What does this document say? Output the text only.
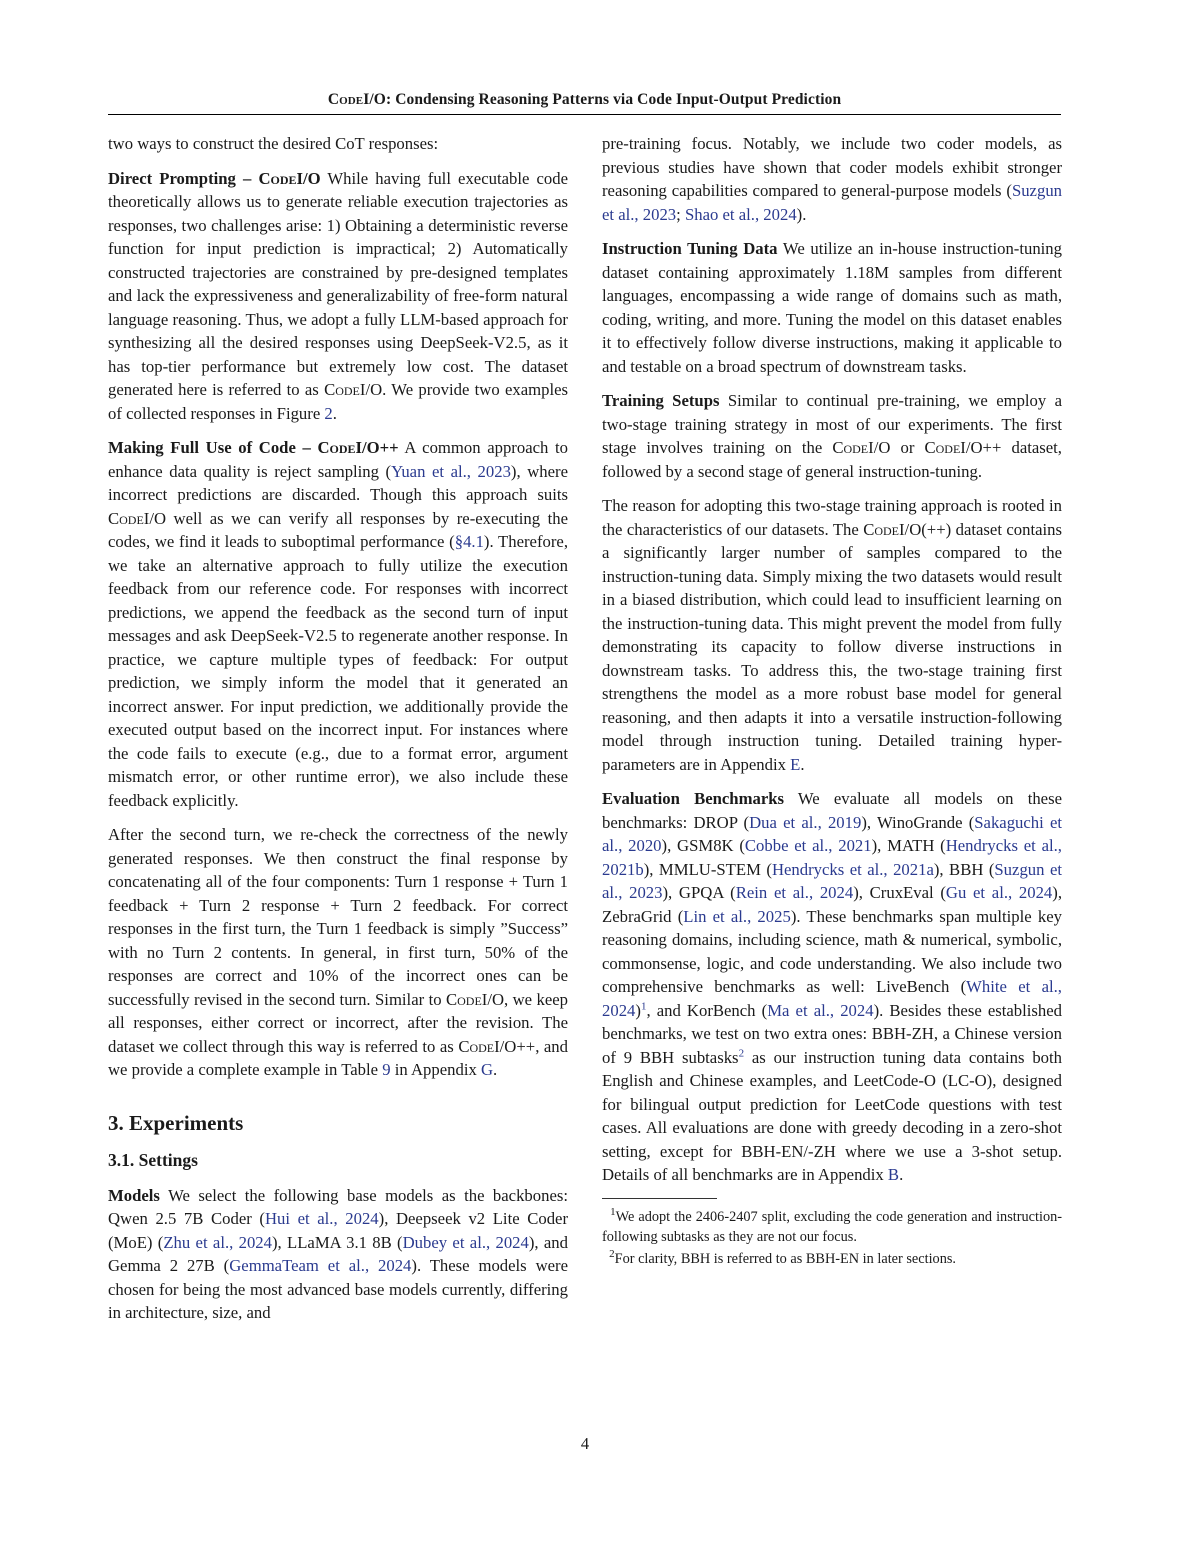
CodeI/O: Condensing Reasoning Patterns via Code Input-Output Prediction

two ways to construct the desired CoT responses:

Direct Prompting – CodeI/O While having full executable code theoretically allows us to generate reliable execution trajectories as responses, two challenges arise: 1) Obtaining a deterministic reverse function for input prediction is impractical; 2) Automatically constructed trajectories are constrained by pre-designed templates and lack the expressiveness and generalizability of free-form natural language reasoning. Thus, we adopt a fully LLM-based approach for synthesizing all the desired responses using DeepSeek-V2.5, as it has top-tier performance but extremely low cost. The dataset generated here is referred to as CodeI/O. We provide two examples of collected responses in Figure 2.

Making Full Use of Code – CodeI/O++ A common approach to enhance data quality is reject sampling (Yuan et al., 2023), where incorrect predictions are discarded. Though this approach suits CodeI/O well as we can verify all responses by re-executing the codes, we find it leads to suboptimal performance (§4.1). Therefore, we take an alternative approach to fully utilize the execution feedback from our reference code. For responses with incorrect predictions, we append the feedback as the second turn of input messages and ask DeepSeek-V2.5 to regenerate another response. In practice, we capture multiple types of feedback: For output prediction, we simply inform the model that it generated an incorrect answer. For input prediction, we additionally provide the executed output based on the incorrect input. For instances where the code fails to execute (e.g., due to a format error, argument mismatch error, or other runtime error), we also include these feedback explicitly.

After the second turn, we re-check the correctness of the newly generated responses. We then construct the final response by concatenating all of the four components: Turn 1 response + Turn 1 feedback + Turn 2 response + Turn 2 feedback. For correct responses in the first turn, the Turn 1 feedback is simply ”Success” with no Turn 2 contents. In general, in first turn, 50% of the responses are correct and 10% of the incorrect ones can be successfully revised in the second turn. Similar to CodeI/O, we keep all responses, either correct or incorrect, after the revision. The dataset we collect through this way is referred to as CodeI/O++, and we provide a complete example in Table 9 in Appendix G.

3. Experiments
3.1. Settings

Models We select the following base models as the backbones: Qwen 2.5 7B Coder (Hui et al., 2024), Deepseek v2 Lite Coder (MoE) (Zhu et al., 2024), LLaMA 3.1 8B (Dubey et al., 2024), and Gemma 2 27B (GemmaTeam et al., 2024). These models were chosen for being the most advanced base models currently, differing in architecture, size, and

pre-training focus. Notably, we include two coder models, as previous studies have shown that coder models exhibit stronger reasoning capabilities compared to general-purpose models (Suzgun et al., 2023; Shao et al., 2024).

Instruction Tuning Data We utilize an in-house instruction-tuning dataset containing approximately 1.18M samples from different languages, encompassing a wide range of domains such as math, coding, writing, and more. Tuning the model on this dataset enables it to effectively follow diverse instructions, making it applicable to and testable on a broad spectrum of downstream tasks.

Training Setups Similar to continual pre-training, we employ a two-stage training strategy in most of our experiments. The first stage involves training on the CodeI/O or CodeI/O++ dataset, followed by a second stage of general instruction-tuning.

The reason for adopting this two-stage training approach is rooted in the characteristics of our datasets. The CodeI/O(++) dataset contains a significantly larger number of samples compared to the instruction-tuning data. Simply mixing the two datasets would result in a biased distribution, which could lead to insufficient learning on the instruction-tuning data. This might prevent the model from fully demonstrating its capacity to follow diverse instructions in downstream tasks. To address this, the two-stage training first strengthens the model as a more robust base model for general reasoning, and then adapts it into a versatile instruction-following model through instruction tuning. Detailed training hyper-parameters are in Appendix E.

Evaluation Benchmarks We evaluate all models on these benchmarks: DROP (Dua et al., 2019), WinoGrande (Sakaguchi et al., 2020), GSM8K (Cobbe et al., 2021), MATH (Hendrycks et al., 2021b), MMLU-STEM (Hendrycks et al., 2021a), BBH (Suzgun et al., 2023), GPQA (Rein et al., 2024), CruxEval (Gu et al., 2024), ZebraGrid (Lin et al., 2025). These benchmarks span multiple key reasoning domains, including science, math & numerical, symbolic, commonsense, logic, and code understanding. We also include two comprehensive benchmarks as well: LiveBench (White et al., 2024)$^1$, and KorBench (Ma et al., 2024). Besides these established benchmarks, we test on two extra ones: BBH-ZH, a Chinese version of 9 BBH subtasks$^2$ as our instruction tuning data contains both English and Chinese examples, and LeetCode-O (LC-O), designed for bilingual output prediction for LeetCode questions with test cases. All evaluations are done with greedy decoding in a zero-shot setting, except for BBH-EN/-ZH where we use a 3-shot setup. Details of all benchmarks are in Appendix B.

$^1$We adopt the 2406-2407 split, excluding the code generation and instruction-following subtasks as they are not our focus.
$^2$For clarity, BBH is referred to as BBH-EN in later sections.
4
